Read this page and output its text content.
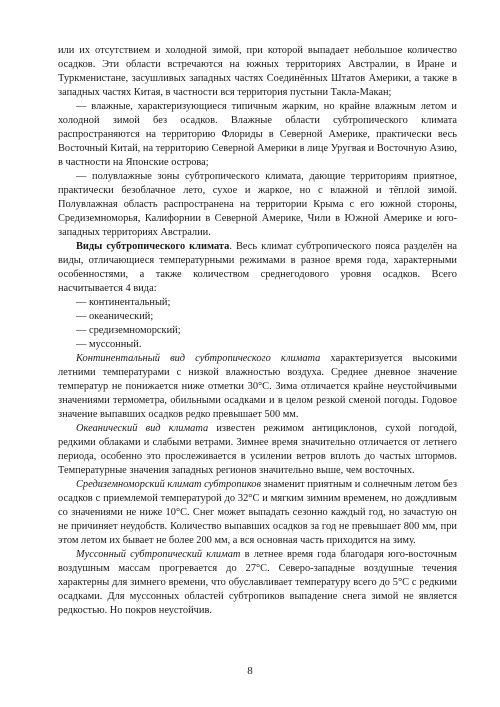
или их отсутствием и холодной зимой, при которой выпадает небольшое количество осадков. Эти области встречаются на южных территориях Австралии, в Иране и Туркменистане, засушливых западных частях Соединённых Штатов Америки, а также в западных частях Китая, в частности вся территория пустыни Такла-Макан;

— влажные, характеризующиеся типичным жарким, но крайне влажным летом и холодной зимой без осадков. Влажные области субтропического климата распространяются на территорию Флориды в Северной Америке, практически весь Восточный Китай, на территорию Северной Америки в лице Уругвая и Восточную Азию, в частности на Японские острова;

— полувлажные зоны субтропического климата, дающие территориям приятное, практически безоблачное лето, сухое и жаркое, но с влажной и тёплой зимой. Полувлажная область распространена на территории Крыма с его южной стороны, Средиземноморья, Калифорнии в Северной Америке, Чили в Южной Америке и юго-западных территориях Австралии.

Виды субтропического климата. Весь климат субтропического пояса разделён на виды, отличающиеся температурными режимами в разное время года, характерными особенностями, а также количеством среднегодового уровня осадков. Всего насчитывается 4 вида:

— континентальный;

— океанический;

— средиземноморский;

— муссонный.

Континентальный вид субтропического климата характеризуется высокими летними температурами с низкой влажностью воздуха. Среднее дневное значение температур не понижается ниже отметки 30°С. Зима отличается крайне неустойчивыми значениями термометра, обильными осадками и в целом резкой сменой погоды. Годовое значение выпавших осадков редко превышает 500 мм.

Океанический вид климата известен режимом антициклонов, сухой погодой, редкими облаками и слабыми ветрами. Зимнее время значительно отличается от летнего периода, особенно это прослеживается в усилении ветров вплоть до частых штормов. Температурные значения западных регионов значительно выше, чем восточных.

Средиземноморский климат субтропиков знаменит приятным и солнечным летом без осадков с приемлемой температурой до 32°С и мягким зимним временем, но дождливым со значениями не ниже 10°С. Снег может выпадать сезонно каждый год, но зачастую он не причиняет неудобств. Количество выпавших осадков за год не превышает 800 мм, при этом летом их бывает не более 200 мм, а вся основная часть приходится на зиму.

Муссонный субтропический климат в летнее время года благодаря юго-восточным воздушным массам прогревается до 27°С. Северо-западные воздушные течения характерны для зимнего времени, что обуславливает температуру всего до 5°С с редкими осадками. Для муссонных областей субтропиков выпадение снега зимой не является редкостью. Но покров неустойчив.

8
